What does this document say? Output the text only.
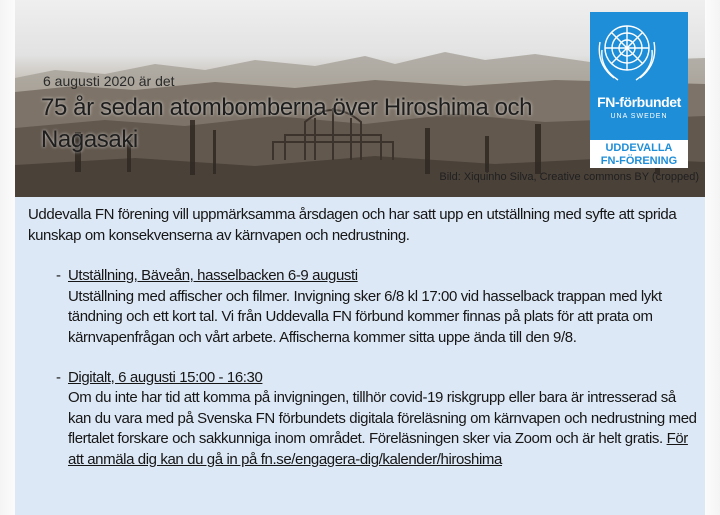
6 augusti 2020 är det
75 år sedan atombomberna över Hiroshima och Nagasaki
Bild: Xiquinho Silva, Creative commons BY (cropped)
FN-förbundet
UNA SWEDEN
UDDEVALLA
FN-FÖRENING

Uddevalla FN förening vill uppmärksamma årsdagen och har satt upp en utställning med syfte att sprida kunskap om konsekvenserna av kärnvapen och nedrustning.

- Utställning, Bäveån, hasselbacken 6-9 augusti
Utställning med affischer och filmer. Invigning sker 6/8 kl 17:00 vid hasselback trappan med lykt tändning och ett kort tal. Vi från Uddevalla FN förbund kommer finnas på plats för att prata om kärnvapenfrågan och vårt arbete. Affischerna kommer sitta uppe ända till den 9/8.
- Digitalt, 6 augusti 15:00 - 16:30
Om du inte har tid att komma på invigningen, tillhör covid-19 riskgrupp eller bara är intresserad så kan du vara med på Svenska FN förbundets digitala föreläsning om kärnvapen och nedrustning med flertalet forskare och sakkunniga inom området. Föreläsningen sker via Zoom och är helt gratis. För att anmäla dig kan du gå in på fn.se/engagera-dig/kalender/hiroshima
